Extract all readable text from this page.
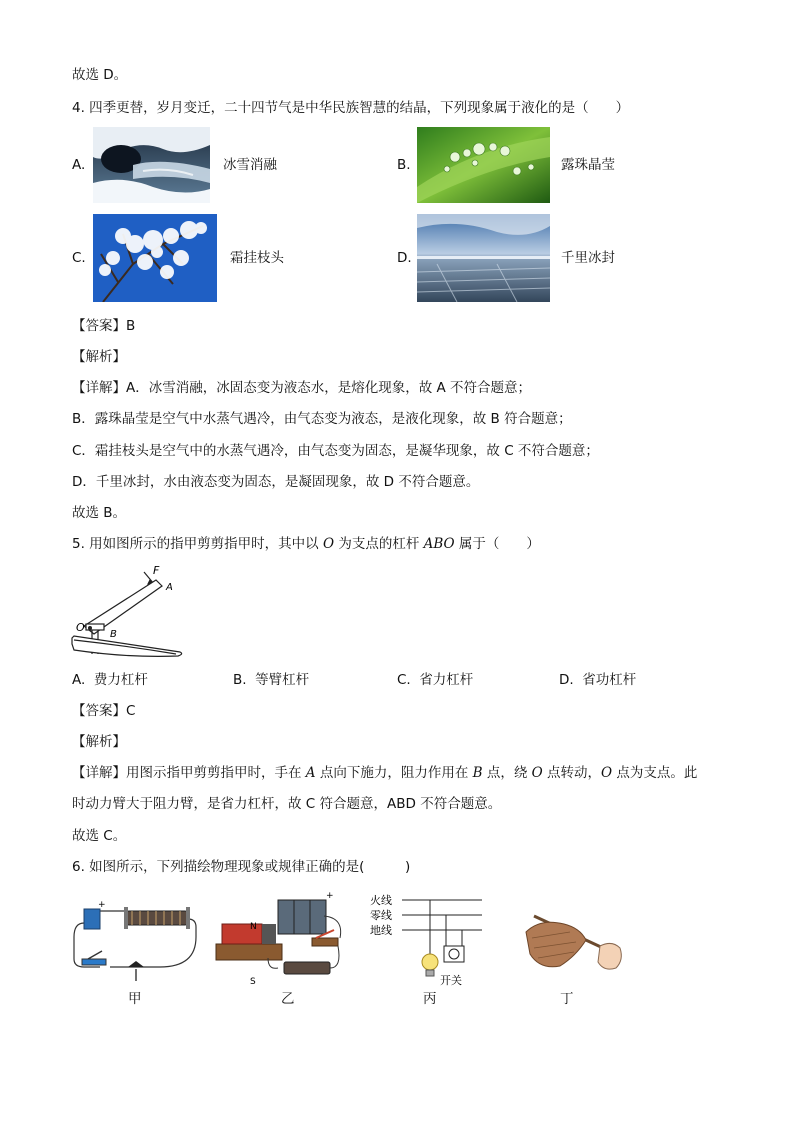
故选 D。
4. 四季更替，岁月变迁，二十四节气是中华民族智慧的结晶，下列现象属于液化的是（　　）
A.	冰雪消融	B.	露珠晶莹
C.	霜挂枝头	D.	千里冰封
【答案】B
【解析】
【详解】A．冰雪消融，冰固态变为液态水，是熔化现象，故 A 不符合题意；
B．露珠晶莹是空气中水蒸气遇冷，由气态变为液态，是液化现象，故 B 符合题意；
C．霜挂枝头是空气中的水蒸气遇冷，由气态变为固态，是凝华现象，故 C 不符合题意；
D．千里冰封，水由液态变为固态，是凝固现象，故 D 不符合题意。
故选 B。
5. 用如图所示的指甲剪剪指甲时，其中以 O 为支点的杠杆 ABO 属于（　　）
F
A
O
B
A. 费力杠杆	B. 等臂杠杆	C. 省力杠杆	D. 省功杠杆
【答案】C
【解析】
【详解】用图示指甲剪剪指甲时，手在 A 点向下施力，阻力作用在 B 点，绕 O 点转动，O 点为支点。此
时动力臂大于阻力臂，是省力杠杆，故 C 符合题意，ABD 不符合题意。
故选 C。
6. 如图所示，下列描绘物理现象或规律正确的是(　　　)
+
甲
+
N
S
乙
火线
零线
地线
开关
丙	丁
